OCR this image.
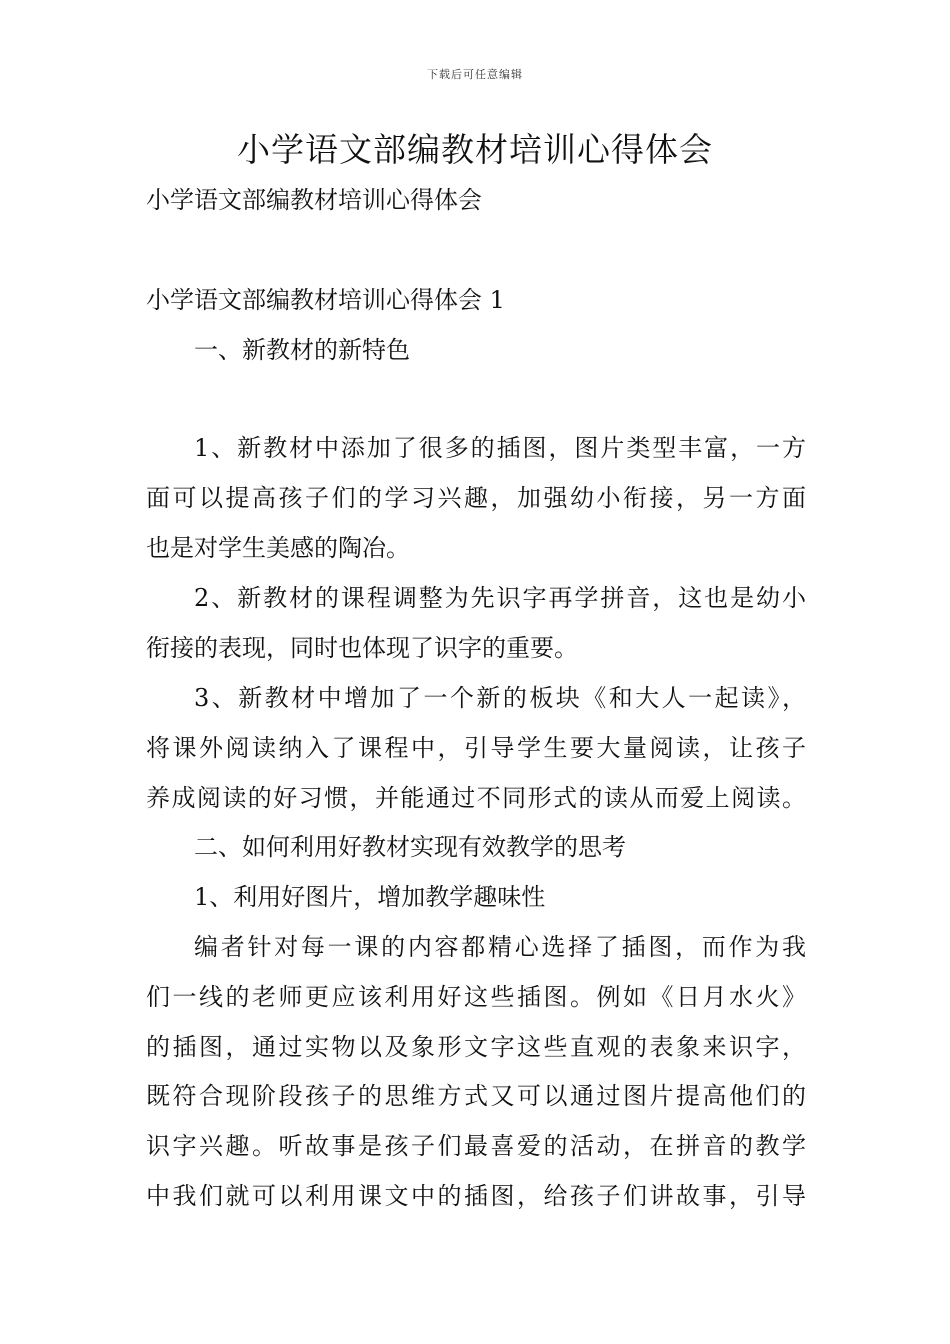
下载后可任意编辑
小学语文部编教材培训心得体会

小学语文部编教材培训心得体会

小学语文部编教材培训心得体会 1

一、新教材的新特色

1、新教材中添加了很多的插图，图片类型丰富，一方

面可以提高孩子们的学习兴趣，加强幼小衔接，另一方面

也是对学生美感的陶冶。

2、新教材的课程调整为先识字再学拼音，这也是幼小

衔接的表现，同时也体现了识字的重要。

3、新教材中增加了一个新的板块《和大人一起读》，

将课外阅读纳入了课程中，引导学生要大量阅读，让孩子

养成阅读的好习惯，并能通过不同形式的读从而爱上阅读。

二、如何利用好教材实现有效教学的思考

1、利用好图片，增加教学趣味性

编者针对每一课的内容都精心选择了插图，而作为我

们一线的老师更应该利用好这些插图。例如《日月水火》

的插图，通过实物以及象形文字这些直观的表象来识字，

既符合现阶段孩子的思维方式又可以通过图片提高他们的

识字兴趣。听故事是孩子们最喜爱的活动，在拼音的教学

中我们就可以利用课文中的插图，给孩子们讲故事，引导
